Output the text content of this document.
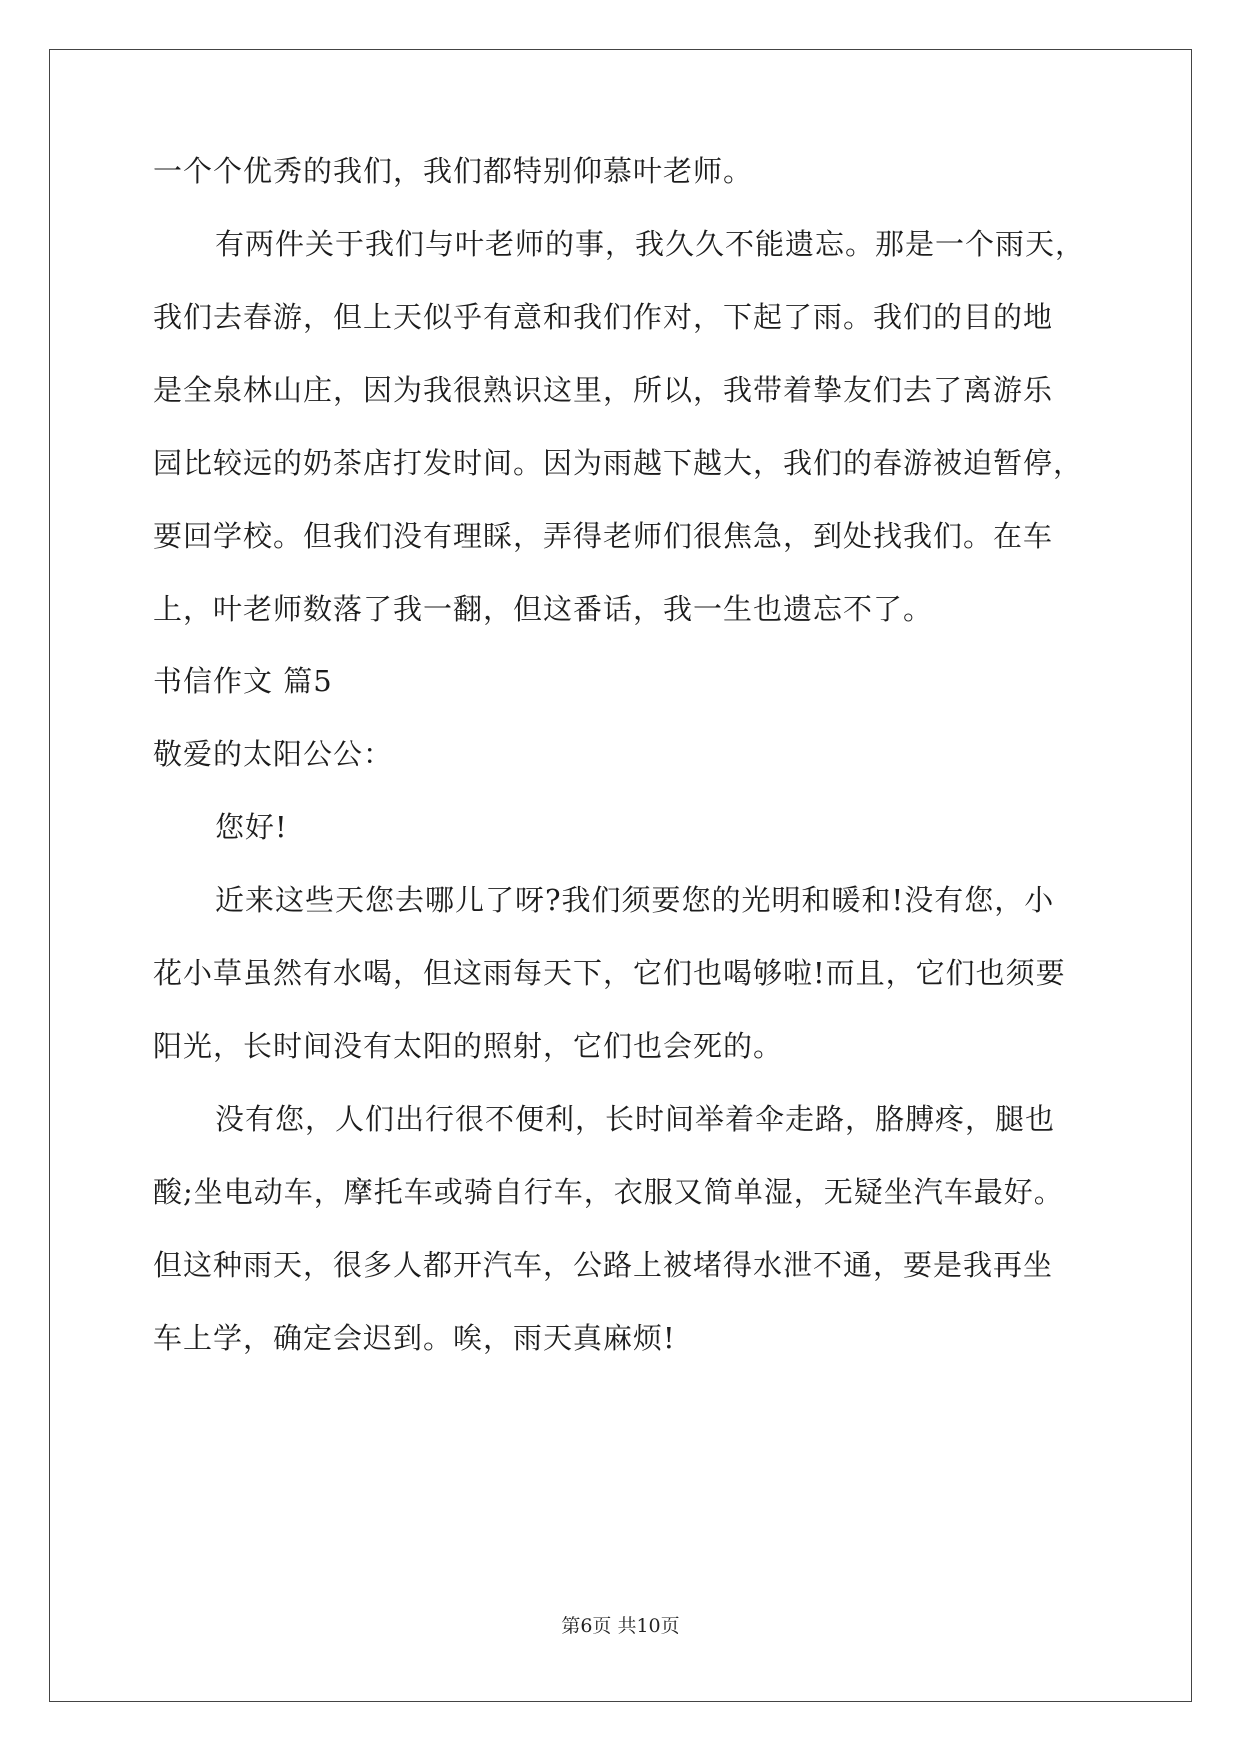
一个个优秀的我们，我们都特别仰慕叶老师。
有两件关于我们与叶老师的事，我久久不能遗忘。那是一个雨天，
我们去春游，但上天似乎有意和我们作对，下起了雨。我们的目的地
是全泉林山庄，因为我很熟识这里，所以，我带着挚友们去了离游乐
园比较远的奶茶店打发时间。因为雨越下越大，我们的春游被迫暂停，
要回学校。但我们没有理睬，弄得老师们很焦急，到处找我们。在车
上，叶老师数落了我一翻，但这番话，我一生也遗忘不了。
书信作文 篇5
敬爱的太阳公公：
您好!
近来这些天您去哪儿了呀?我们须要您的光明和暖和!没有您，小
花小草虽然有水喝，但这雨每天下，它们也喝够啦!而且，它们也须要
阳光，长时间没有太阳的照射，它们也会死的。
没有您，人们出行很不便利，长时间举着伞走路，胳膊疼，腿也
酸;坐电动车，摩托车或骑自行车，衣服又简单湿，无疑坐汽车最好。
但这种雨天，很多人都开汽车，公路上被堵得水泄不通，要是我再坐
车上学，确定会迟到。唉，雨天真麻烦!
第6页 共10页
